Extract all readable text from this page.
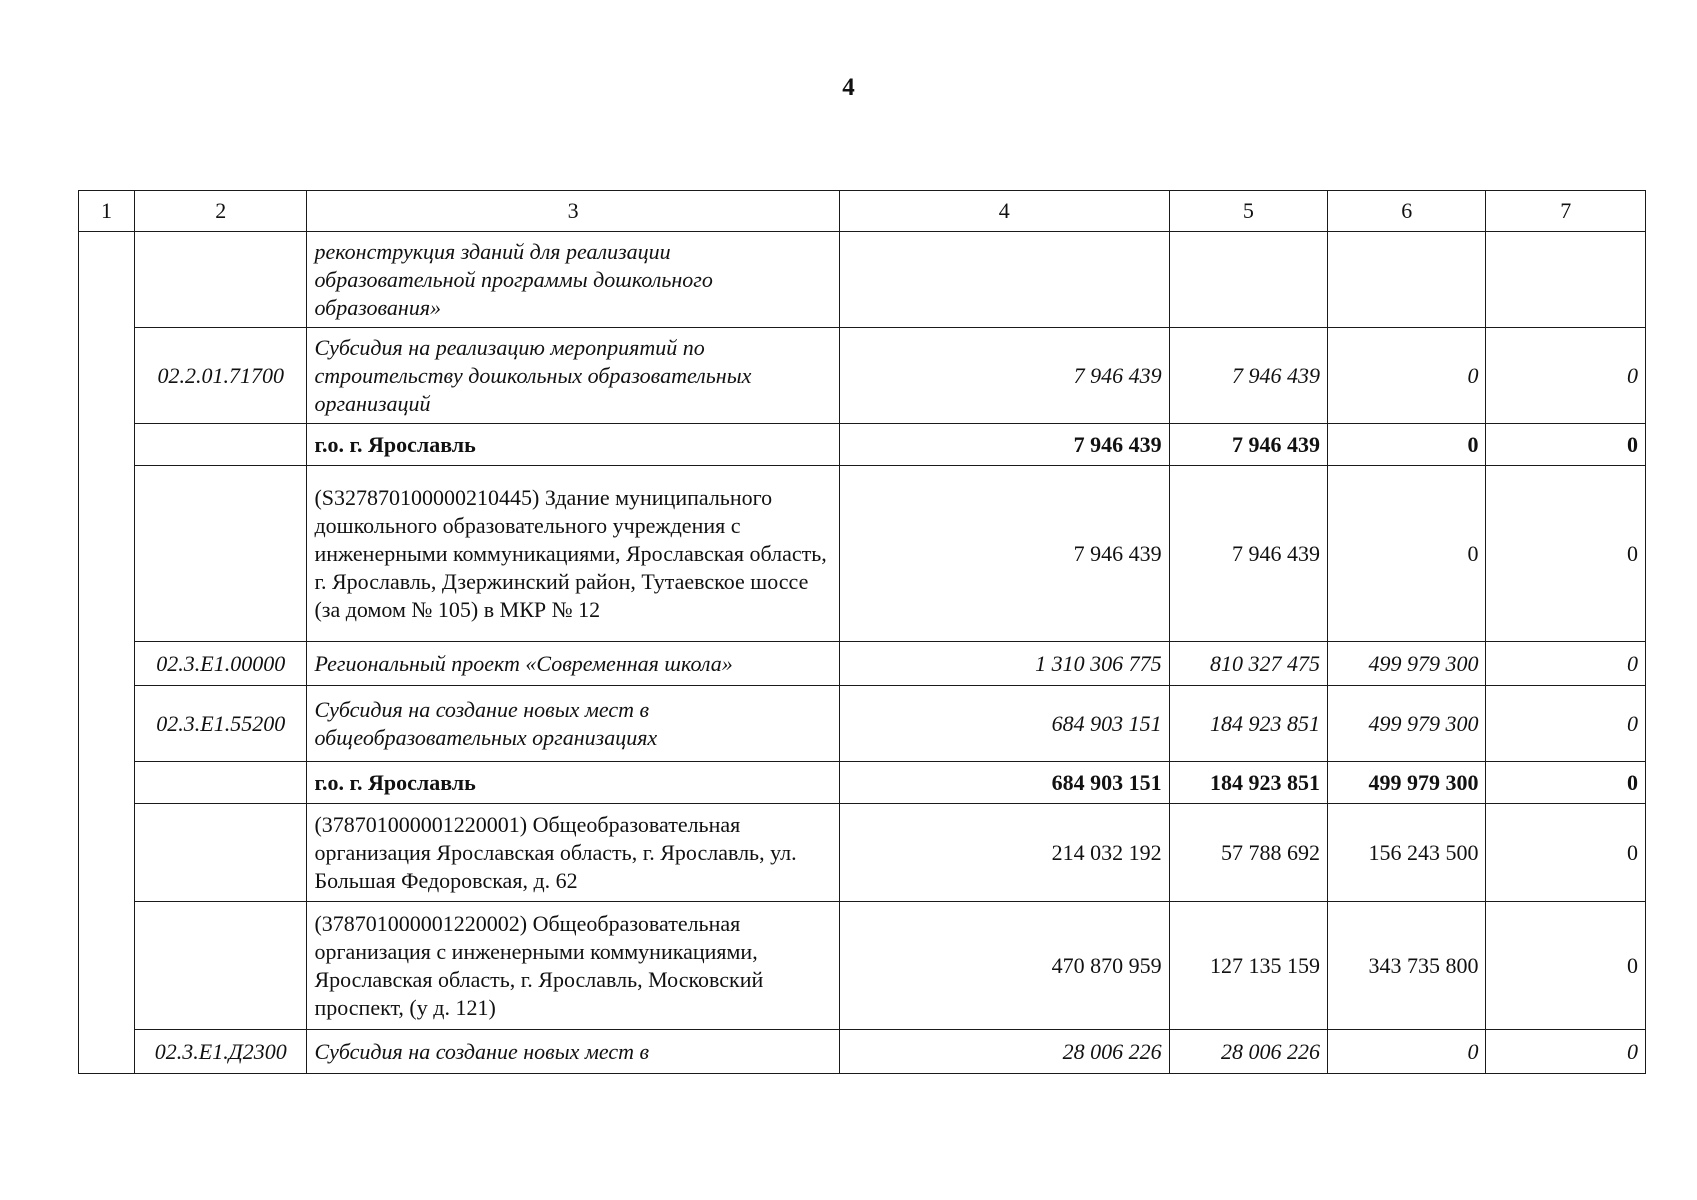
4
1	2	3	4	5	6	7
		реконструкция зданий для реализации образовательной программы дошкольного образования»				
	02.2.01.71700	Субсидия на реализацию мероприятий по строительству дошкольных образовательных организаций	7 946 439	7 946 439	0	0
		г.о. г. Ярославль	7 946 439	7 946 439	0	0
		(S327870100000210445) Здание муниципального дошкольного образовательного учреждения с инженерными коммуникациями, Ярославская область, г. Ярославль, Дзержинский район, Тутаевское шоссе (за домом № 105) в МКР № 12	7 946 439	7 946 439	0	0
	02.3.Е1.00000	Региональный проект «Современная школа»	1 310 306 775	810 327 475	499 979 300	0
	02.3.Е1.55200	Субсидия на создание новых мест в общеобразовательных организациях	684 903 151	184 923 851	499 979 300	0
		г.о. г. Ярославль	684 903 151	184 923 851	499 979 300	0
		(378701000001220001) Общеобразовательная организация Ярославская область, г. Ярославль, ул. Большая Федоровская, д. 62	214 032 192	57 788 692	156 243 500	0
		(378701000001220002) Общеобразовательная организация с инженерными коммуникациями, Ярославская область, г. Ярославль, Московский проспект, (у д. 121)	470 870 959	127 135 159	343 735 800	0
	02.3.Е1.Д2300	Субсидия на создание новых мест в	28 006 226	28 006 226	0	0
